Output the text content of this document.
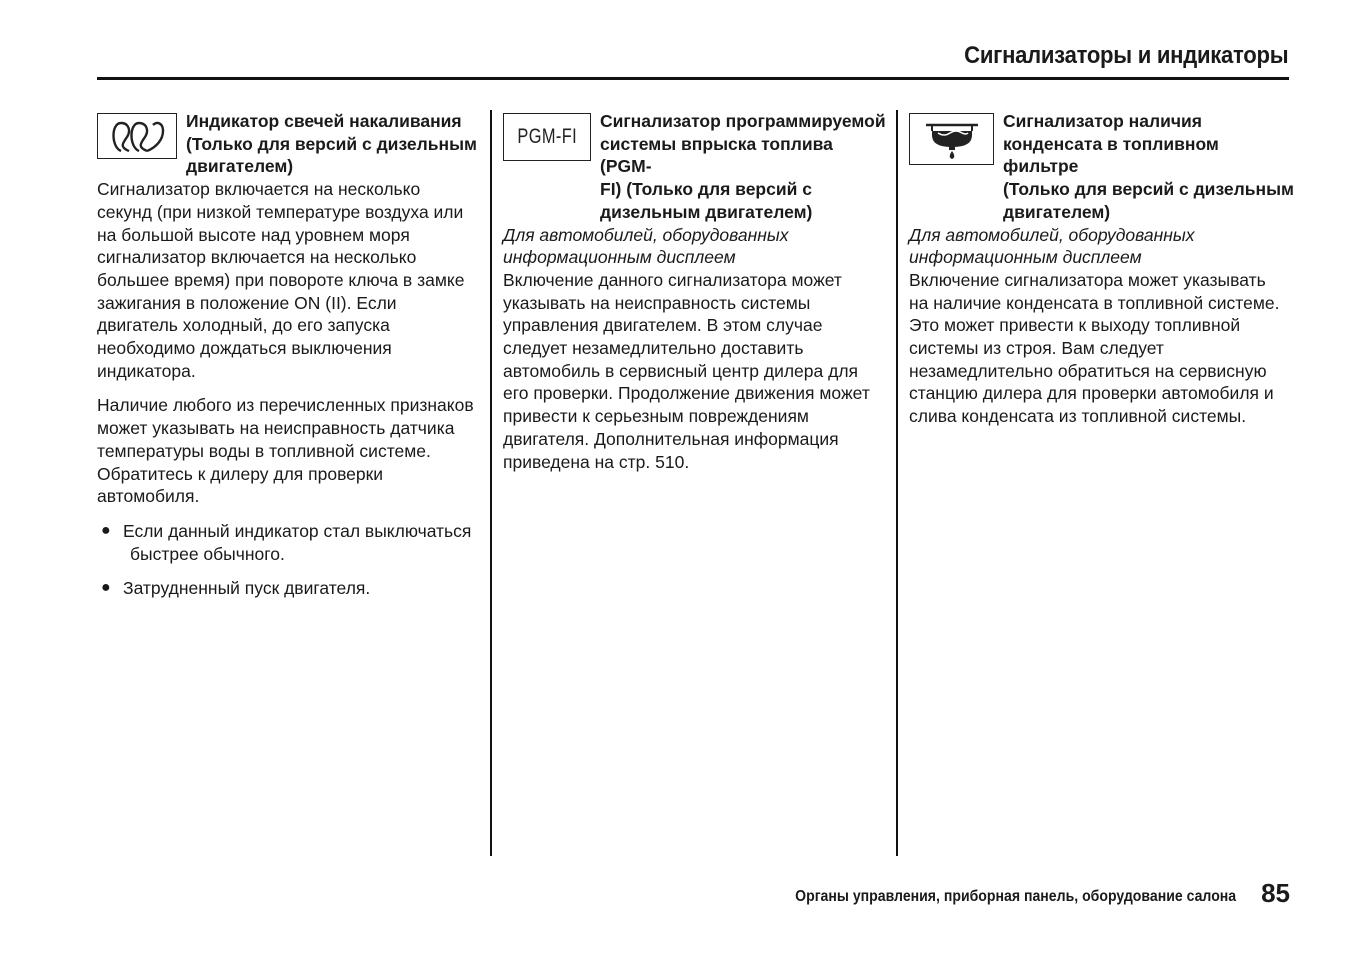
Сигнализаторы и индикаторы
Индикатор свечей накаливания
(Только для версий с дизельным
двигателем)
Сигнализатор включается на несколько
секунд (при низкой температуре воздуха или
на большой высоте над уровнем моря
сигнализатор включается на несколько
большее время) при повороте ключа в замке
зажигания в положение ON (II). Если
двигатель холодный, до его запуска
необходимо дождаться выключения
индикатора.
Наличие любого из перечисленных признаков
может указывать на неисправность датчика
температуры воды в топливной системе.
Обратитесь к дилеру для проверки
автомобиля.
● Если данный индикатор стал выключаться
быстрее обычного.
● Затрудненный пуск двигателя.
PGM-FI
Сигнализатор программируемой
системы впрыска топлива (PGM-
FI) (Только для версий с
дизельным двигателем)
Для автомобилей, оборудованных
информационным дисплеем
Включение данного сигнализатора может
указывать на неисправность системы
управления двигателем. В этом случае
следует незамедлительно доставить
автомобиль в сервисный центр дилера для
его проверки. Продолжение движения может
привести к серьезным повреждениям
двигателя. Дополнительная информация
приведена на стр. 510.
Сигнализатор наличия
конденсата в топливном фильтре
(Только для версий с дизельным
двигателем)
Для автомобилей, оборудованных
информационным дисплеем
Включение сигнализатора может указывать
на наличие конденсата в топливной системе.
Это может привести к выходу топливной
системы из строя. Вам следует
незамедлительно обратиться на сервисную
станцию дилера для проверки автомобиля и
слива конденсата из топливной системы.
Органы управления, приборная панель, оборудование салона 85
